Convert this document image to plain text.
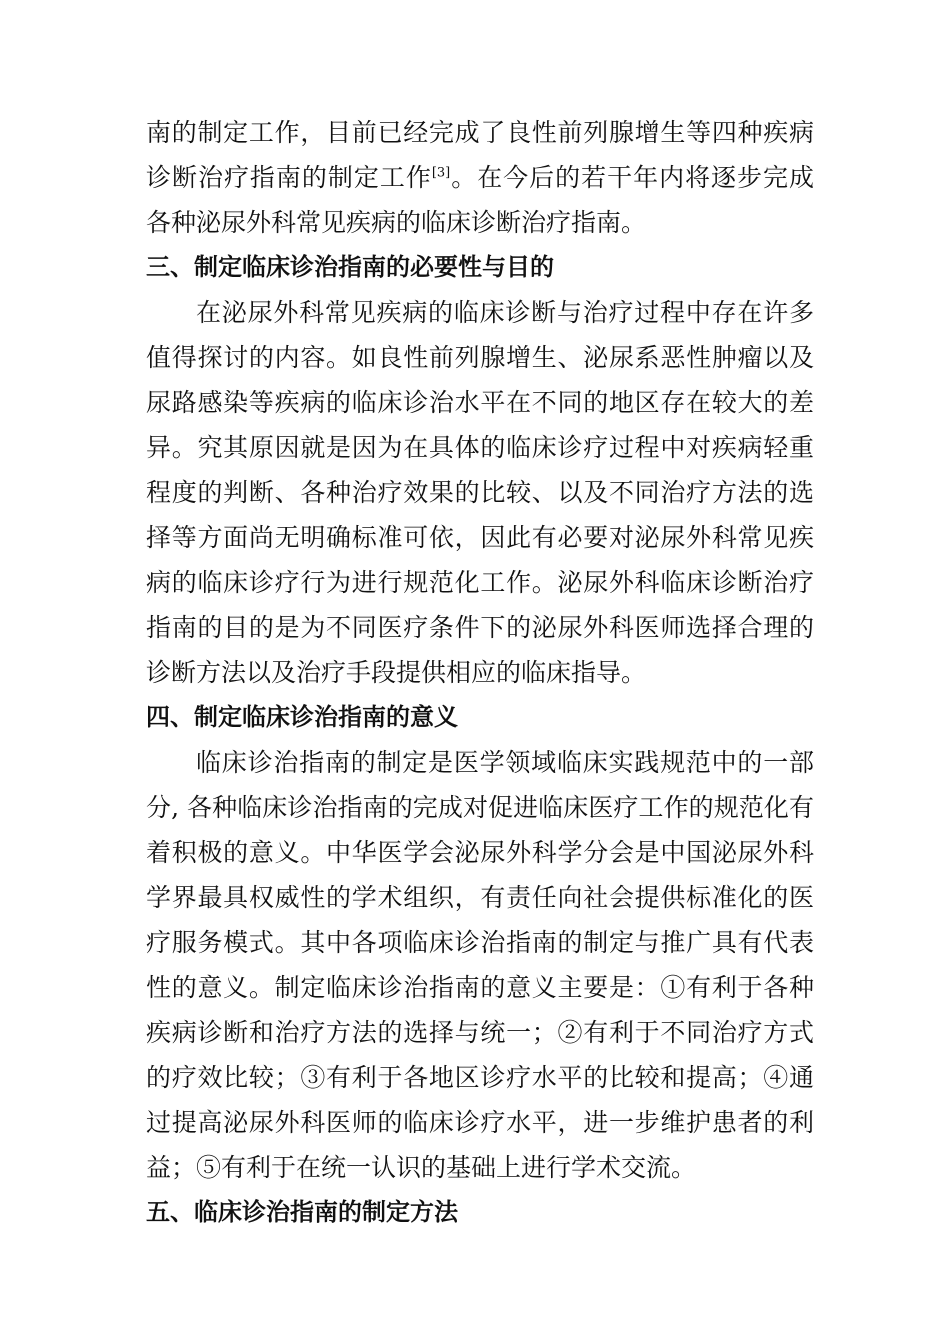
南的制定工作，目前已经完成了良性前列腺增生等四种疾病诊断治疗指南的制定工作[3]。在今后的若干年内将逐步完成各种泌尿外科常见疾病的临床诊断治疗指南。

三、制定临床诊治指南的必要性与目的

在泌尿外科常见疾病的临床诊断与治疗过程中存在许多值得探讨的内容。如良性前列腺增生、泌尿系恶性肿瘤以及尿路感染等疾病的临床诊治水平在不同的地区存在较大的差异。究其原因就是因为在具体的临床诊疗过程中对疾病轻重程度的判断、各种治疗效果的比较、以及不同治疗方法的选择等方面尚无明确标准可依，因此有必要对泌尿外科常见疾病的临床诊疗行为进行规范化工作。泌尿外科临床诊断治疗指南的目的是为不同医疗条件下的泌尿外科医师选择合理的诊断方法以及治疗手段提供相应的临床指导。

四、制定临床诊治指南的意义

临床诊治指南的制定是医学领域临床实践规范中的一部分, 各种临床诊治指南的完成对促进临床医疗工作的规范化有着积极的意义。中华医学会泌尿外科学分会是中国泌尿外科学界最具权威性的学术组织，有责任向社会提供标准化的医疗服务模式。其中各项临床诊治指南的制定与推广具有代表性的意义。制定临床诊治指南的意义主要是：①有利于各种疾病诊断和治疗方法的选择与统一；②有利于不同治疗方式的疗效比较；③有利于各地区诊疗水平的比较和提高；④通过提高泌尿外科医师的临床诊疗水平，进一步维护患者的利益；⑤有利于在统一认识的基础上进行学术交流。

五、临床诊治指南的制定方法
